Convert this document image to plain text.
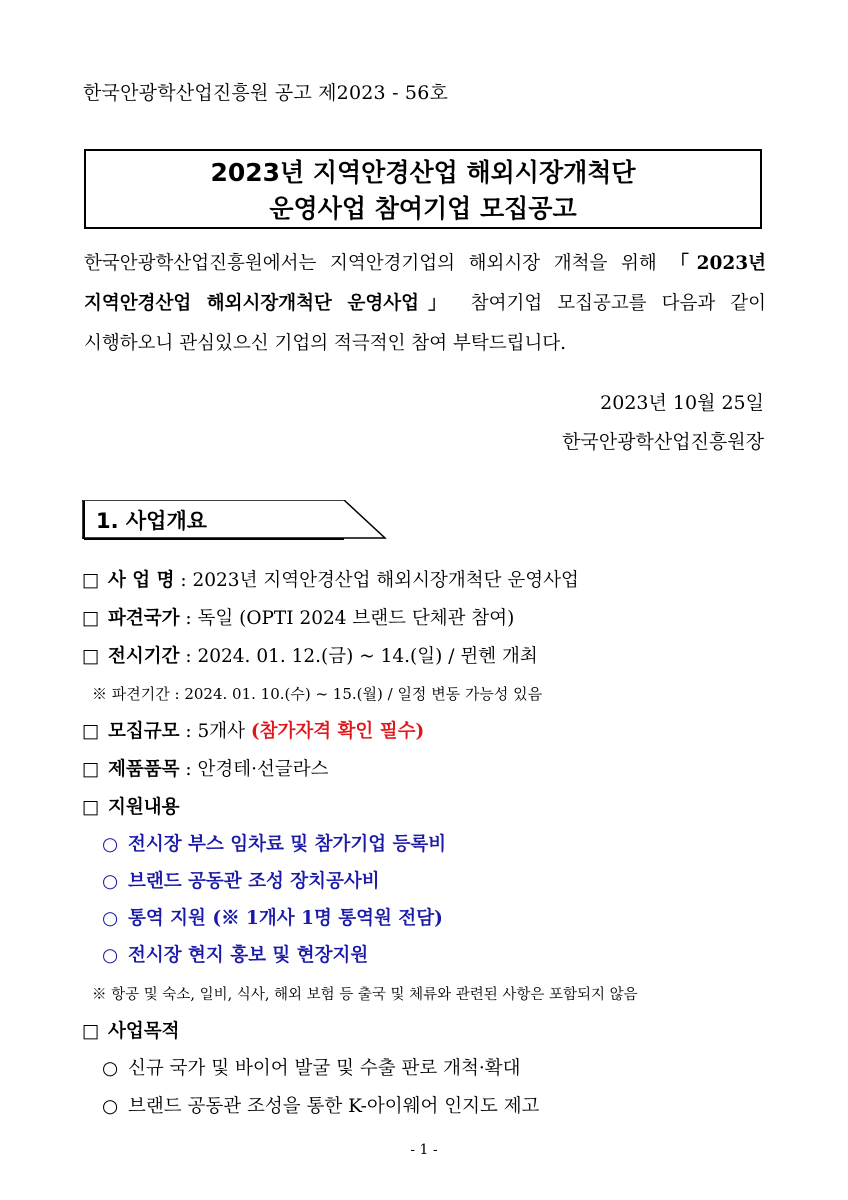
한국안광학산업진흥원 공고 제2023 - 56호
2023년 지역안경산업 해외시장개척단
운영사업 참여기업 모집공고
한국안광학산업진흥원에서는 지역안경기업의 해외시장 개척을 위해 「2023년
지역안경산업 해외시장개척단 운영사업」 참여기업 모집공고를 다음과 같이
시행하오니 관심있으신 기업의 적극적인 참여 부탁드립니다.
2023년 10월 25일
한국안광학산업진흥원장
1. 사업개요
□ 사 업 명 : 2023년 지역안경산업 해외시장개척단 운영사업
□ 파견국가 : 독일 (OPTI 2024 브랜드 단체관 참여)
□ 전시기간 : 2024. 01. 12.(금) ~ 14.(일) / 뮌헨 개최
※ 파견기간 : 2024. 01. 10.(수) ~ 15.(월) / 일정 변동 가능성 있음
□ 모집규모 : 5개사 (참가자격 확인 필수)
□ 제품품목 : 안경테·선글라스
□ 지원내용
○ 전시장 부스 임차료 및 참가기업 등록비
○ 브랜드 공동관 조성 장치공사비
○ 통역 지원 (※ 1개사 1명 통역원 전담)
○ 전시장 현지 홍보 및 현장지원
※ 항공 및 숙소, 일비, 식사, 해외 보험 등 출국 및 체류와 관련된 사항은 포함되지 않음
□ 사업목적
○ 신규 국가 및 바이어 발굴 및 수출 판로 개척·확대
○ 브랜드 공동관 조성을 통한 K-아이웨어 인지도 제고
- 1 -
